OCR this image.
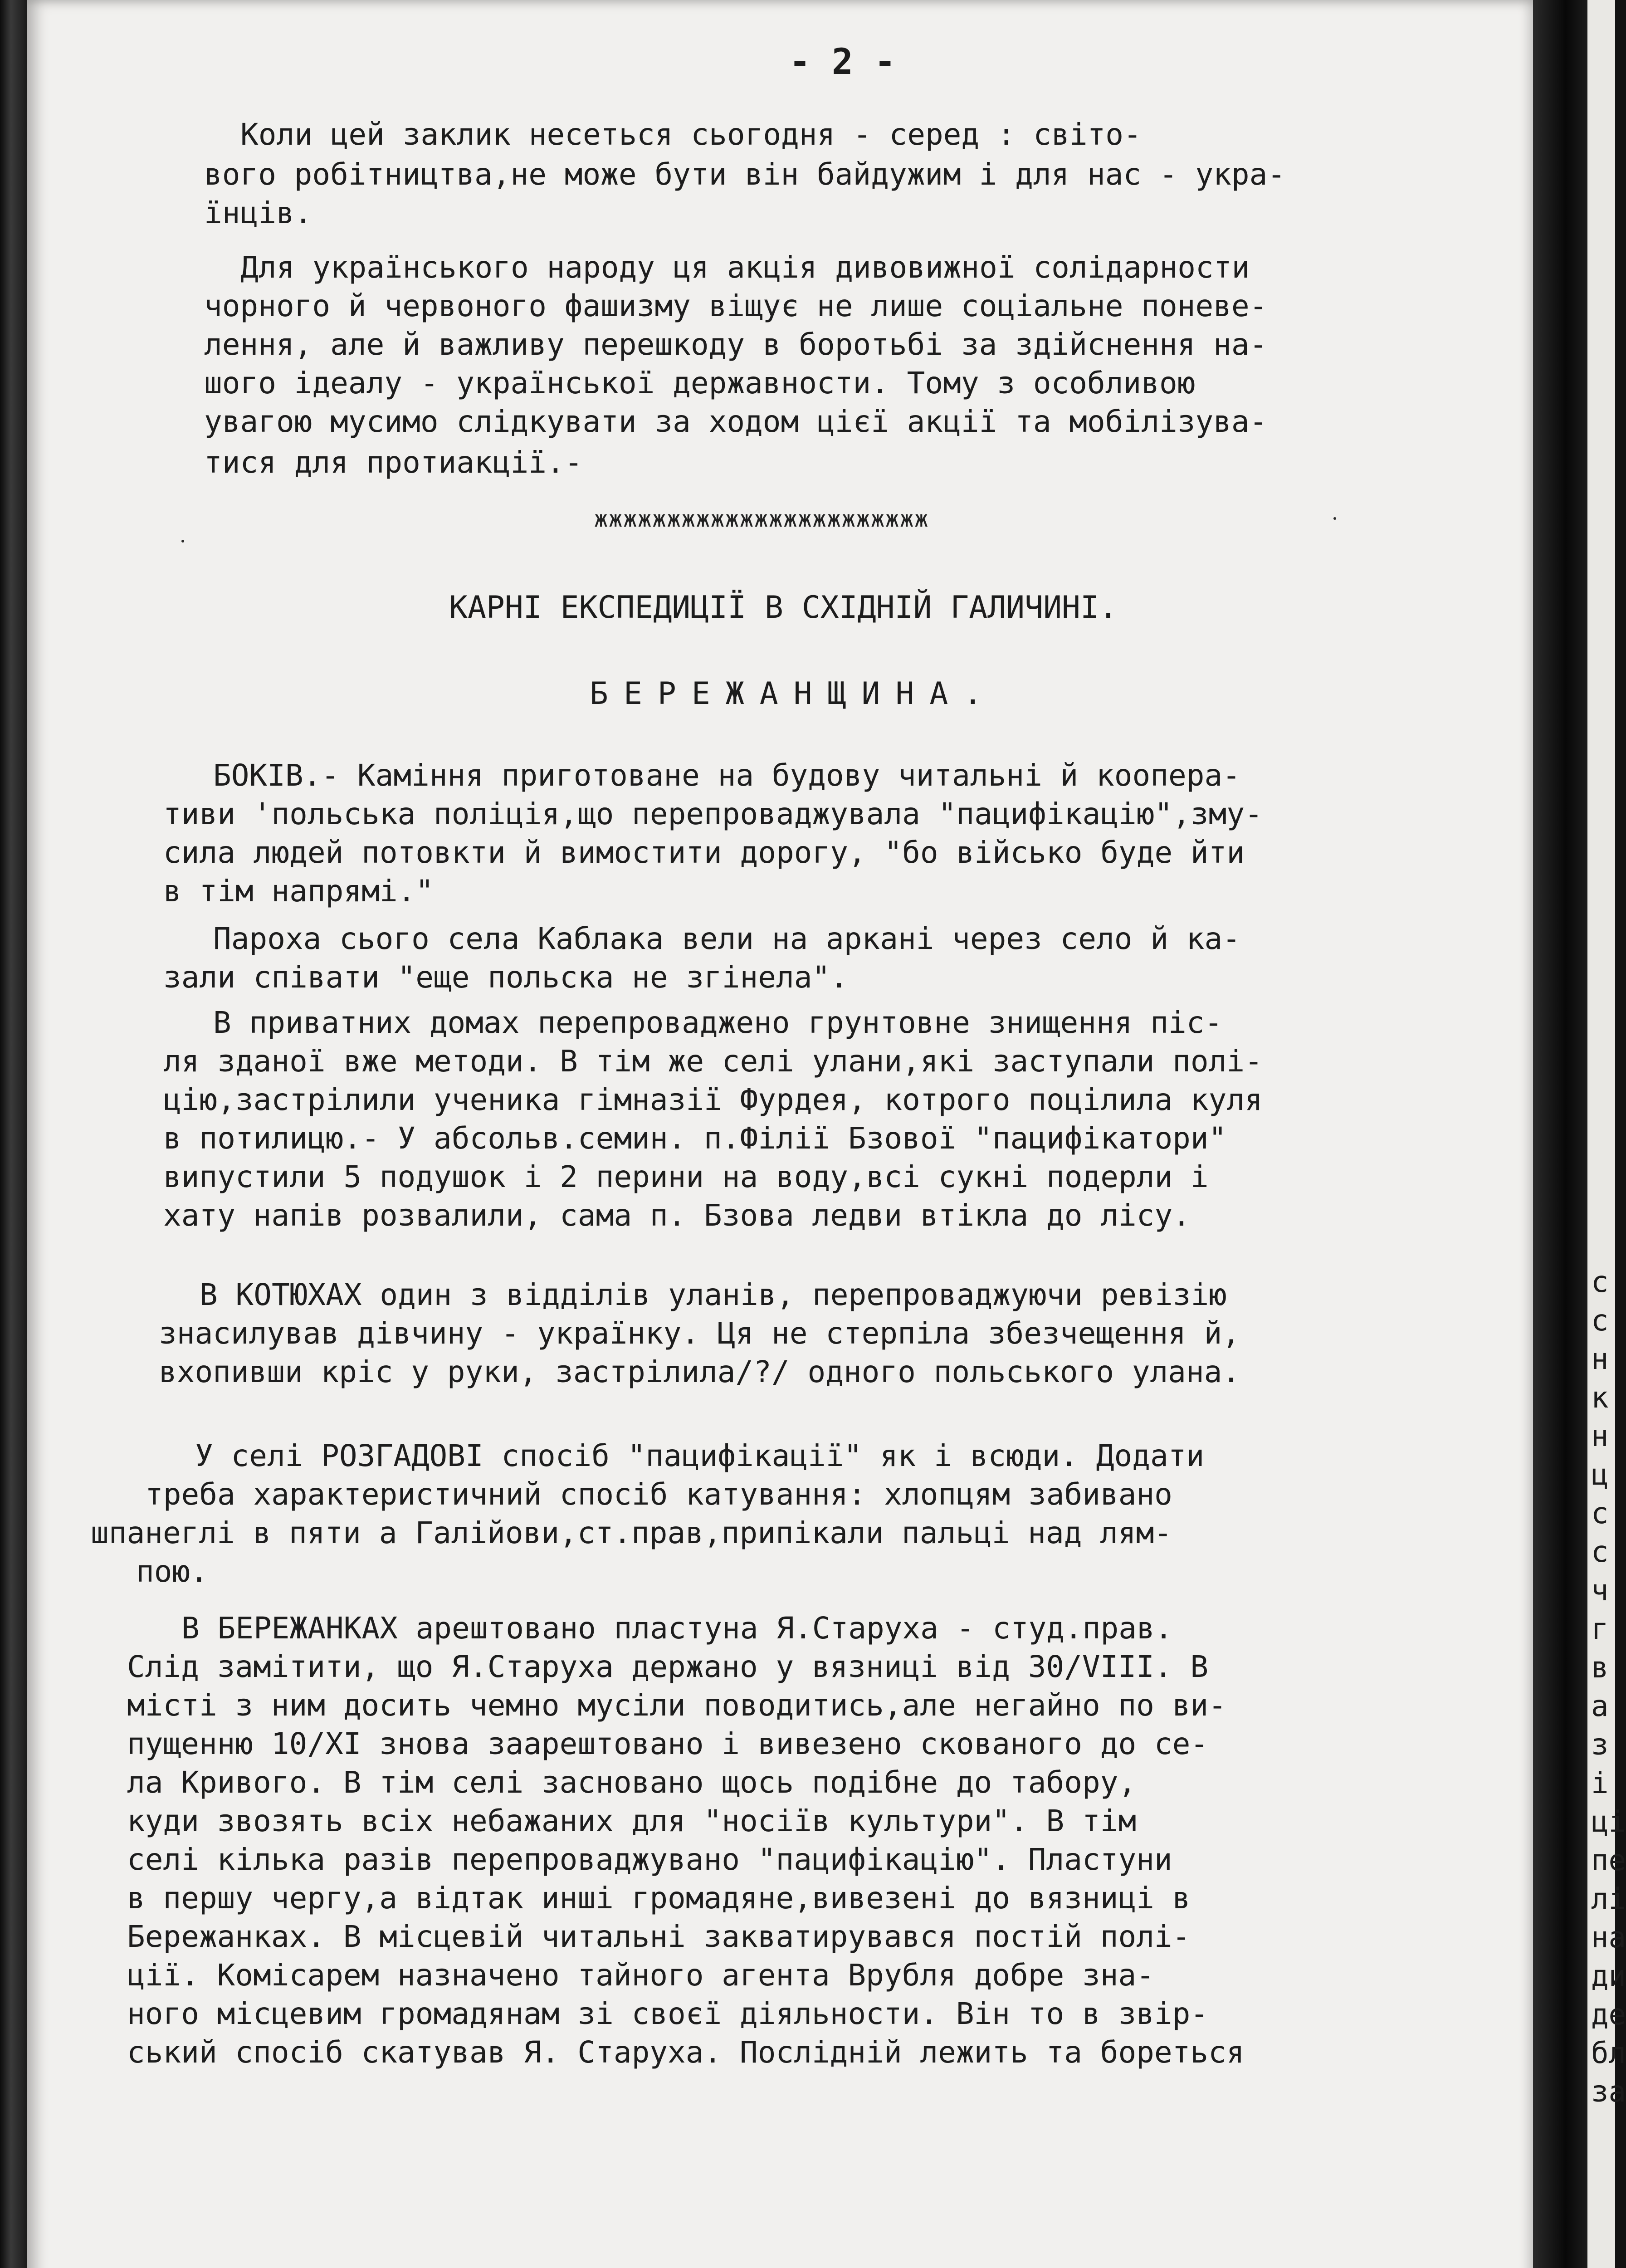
- 2 -
Коли цей заклик несеться сьогодня - серед : світо-
вого робітництва,не може бути він байдужим і для нас - укра-
їнців.
Для українського народу ця акція дивовижної солідарности
чорного й червоного фашизму віщує не лише соціальне поневе-
лення, але й важливу перешкоду в боротьбі за здійснення на-
шого ідеалу - української державности. Тому з особливою
увагою мусимо слідкувати за ходом цієї акції та мобілізува-
тися для протиакції.-
жжжжжжжжжжжжжжжжжжжжжжж
КАРНІ ЕКСПЕДИЦІЇ В СХІДНІЙ ГАЛИЧИНІ.
БЕРЕЖАНЩИНА.
БОКІВ.- Каміння приготоване на будову читальні й коопера-
тиви 'польська поліція,що перепроваджувала "пацифікацію",зму-
сила людей потовкти й вимостити дорогу, "бо військо буде йти
в тім напрямі."
Пароха сього села Каблака вели на аркані через село й ка-
зали співати "еще польска не згінела".
В приватних домах перепроваджено грунтовне знищення піс-
ля зданої вже методи. В тім же селі улани,які заступали полі-
цію,застрілили ученика гімназії Фурдея, котрого поцілила куля
в потилицю.- У абсольв.семин. п.Філії Бзової "пацифікатори"
випустили 5 подушок і 2 перини на воду,всі сукні подерли і
хату напів розвалили, сама п. Бзова ледви втікла до лісу.
В КОТЮХАХ один з відділів уланів, перепроваджуючи ревізію
знасилував дівчину - українку. Ця не стерпіла збезчещення й,
вхопивши кріс у руки, застрілила/?/ одного польського улана.
У селі РОЗГАДОВІ спосіб "пацифікації" як і всюди. Додати
треба характеристичний спосіб катування: хлопцям забивано
шпанеглі в пяти а Галійови,ст.прав,припікали пальці над лям-
пою.
В БЕРЕЖАНКАХ арештовано пластуна Я.Старуха - студ.прав.
Слід замітити, що Я.Старуха держано у вязниці від 30/VIII. В
місті з ним досить чемно мусіли поводитись,але негайно по ви-
пущенню 10/XI знова заарештовано і вивезено скованого до се-
ла Кривого. В тім селі засновано щось подібне до табору,
куди звозять всіх небажаних для "носіїв культури". В тім
селі кілька разів перепроваджувано "пацифікацію". Пластуни
в першу чергу,а відтак инші громадяне,вивезені до вязниці в
Бережанках. В місцевій читальні закватирувався постій полі-
ції. Комісарем назначено тайного агента Врубля добре зна-
ного місцевим громадянам зі своєї діяльности. Він то в звір-
ський спосіб скатував Я. Старуха. Послідній лежить та бореться
с
с
н
к
н
ц
с
с
ч
г
в
а
з
і
ці
пе
лі
на
ди
де
бл
за
